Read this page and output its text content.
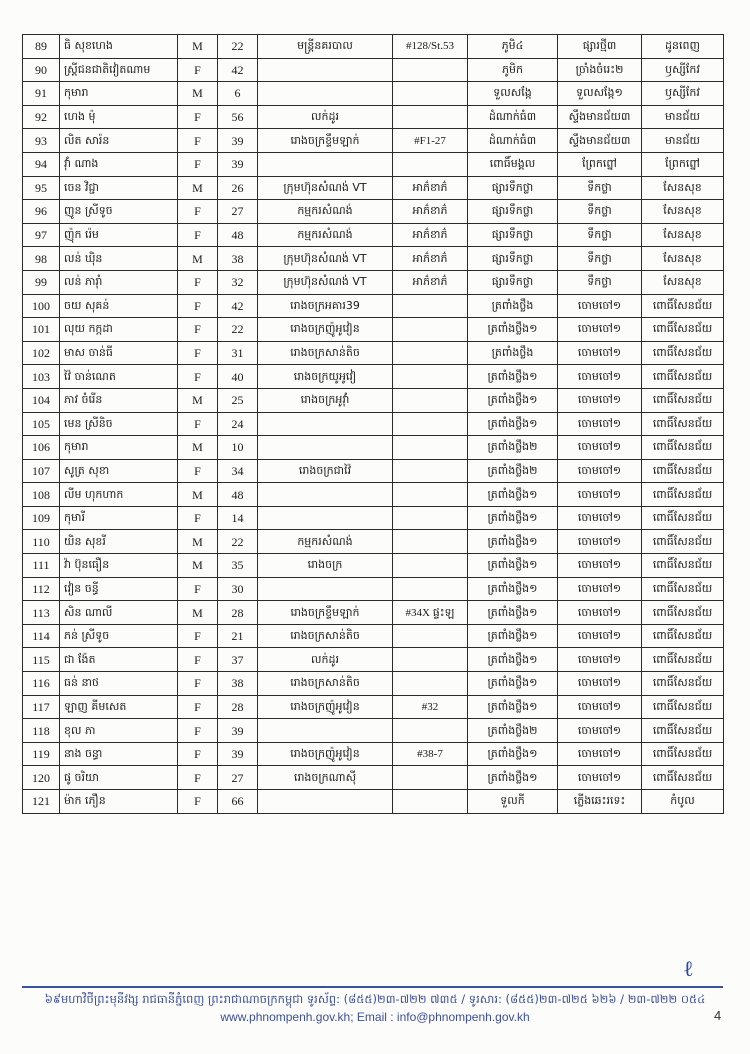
89	ធិ សុខហេង	M	22	មន្ត្រីនគរបាល	#128/St.53	ភូមិ៤	ផ្សារថ្មី៣	ដូនពេញ
90	ស្ត្រីជនជាតិវៀតណាម	F	42			ភូមិក	ច្រាំងចំរេះ២	ឫស្សីកែវ
91	កុមារា	M	6			ទួលសង្កែ	ទួលសង្កែ១	ឫស្សីកែវ
92	ហេង ម៉ុ	F	56	លក់ដូរ		ដំណាក់ធំ៣	ស្ទឹងមានជ័យ៣	មានជ័យ
93	លិត សារ៉ន	F	39	រោងចក្រខ្ទឹមឡាក់	#F1-27	ដំណាក់ធំ៣	ស្ទឹងមានជ័យ៣	មានជ័យ
94	វ៉ាំ ណាង	F	39			ពោធិ៍មង្គល	ព្រែកព្នៅ	ព្រែកព្នៅ
95	ចេន វិជ្ជា	M	26	ក្រុមហ៊ុនសំណង់ VT	អាភ៌ខាភ៌	ផ្សារទឹកថ្លា	ទឹកថ្លា	សែនសុខ
96	ញូន ស្រីទូច	F	27	កម្មករសំណង់	អាភ៌ខាភ៌	ផ្សារទឹកថ្លា	ទឹកថ្លា	សែនសុខ
97	ញ៉ុក រ៉េម	F	48	កម្មករសំណង់	អាភ៌ខាភ៌	ផ្សារទឹកថ្លា	ទឹកថ្លា	សែនសុខ
98	លន់ ឃុិន	M	38	ក្រុមហ៊ុនសំណង់ VT	អាភ៌ខាភ៌	ផ្សារទឹកថ្លា	ទឹកថ្លា	សែនសុខ
99	លន់ ភារ៉ាំ	F	32	ក្រុមហ៊ុនសំណង់ VT	អាភ៌ខាភ៌	ផ្សារទឹកថ្លា	ទឹកថ្លា	សែនសុខ
100	ចយ សុគន់	F	42	រោងចក្រអគារ39		ត្រពាំងថ្លឹង	ចោមចៅ១	ពោធិ៍សែនជ័យ
101	លុយ កក្កដា	F	22	រោងចក្រញ៉ូអូវៀន		ត្រពាំងថ្លឹង១	ចោមចៅ១	ពោធិ៍សែនជ័យ
102	មាស ចាន់ធី	F	31	រោងចក្រសាន់តិច		ត្រពាំងថ្លឹង	ចោមចៅ១	ពោធិ៍សែនជ័យ
103	វ៉ៃ ចាន់ណេត	F	40	រោងចក្រយូអូវៀ		ត្រពាំងថ្លឹង១	ចោមចៅ១	ពោធិ៍សែនជ័យ
104	ភាវ ចំរើន	M	25	រោងចក្រអូវ៉ាំ		ត្រពាំងថ្លឹង១	ចោមចៅ១	ពោធិ៍សែនជ័យ
105	មេន ស្រីនិច	F	24			ត្រពាំងថ្លឹង១	ចោមចៅ១	ពោធិ៍សែនជ័យ
106	កុមារា	M	10			ត្រពាំងថ្លឹង២	ចោមចៅ១	ពោធិ៍សែនជ័យ
107	សូត្រ សុខា	F	34	រោងចក្រជាវ៉ៃ		ត្រពាំងថ្លឹង២	ចោមចៅ១	ពោធិ៍សែនជ័យ
108	លីម ហុកហាក	M	48			ត្រពាំងថ្លឹង១	ចោមចៅ១	ពោធិ៍សែនជ័យ
109	កុមារី	F	14			ត្រពាំងថ្លឹង១	ចោមចៅ១	ពោធិ៍សែនជ័យ
110	យិន សុខរី	M	22	កម្មករសំណង់		ត្រពាំងថ្លឹង១	ចោមចៅ១	ពោធិ៍សែនជ័យ
111	វ៉ា ប៊ុនធឿន	M	35	រោងចក្រ		ត្រពាំងថ្លឹង១	ចោមចៅ១	ពោធិ៍សែនជ័យ
112	វៀន ចន្ធី	F	30			ត្រពាំងថ្លឹង១	ចោមចៅ១	ពោធិ៍សែនជ័យ
113	សិន ណាលី	M	28	រោងចក្រខ្ទឹមឡាក់	#34X ផ្ទះឡ	ត្រពាំងថ្លឹង១	ចោមចៅ១	ពោធិ៍សែនជ័យ
114	ភន់ ស្រីទូច	F	21	រោងចក្រសាន់តិច		ត្រពាំងថ្លឹង១	ចោមចៅ១	ពោធិ៍សែនជ័យ
115	ជា ង៉ែត	F	37	លក់ដូរ		ត្រពាំងថ្លឹង១	ចោមចៅ១	ពោធិ៍សែនជ័យ
116	ធន់ នាថ	F	38	រោងចក្រសាន់តិច		ត្រពាំងថ្លឹង១	ចោមចៅ១	ពោធិ៍សែនជ័យ
117	ឡាញ គីមសេត	F	28	រោងចក្រញ៉ូអូវៀន	#32	ត្រពាំងថ្លឹង១	ចោមចៅ១	ពោធិ៍សែនជ័យ
118	ខុល ភា	F	39			ត្រពាំងថ្លឹង២	ចោមចៅ១	ពោធិ៍សែនជ័យ
119	នាង ចន្ធា	F	39	រោងចក្រញ៉ូអូវៀន	#38-7	ត្រពាំងថ្លឹង១	ចោមចៅ១	ពោធិ៍សែនជ័យ
120	ផូ ចរិយា	F	27	រោងចក្រណាស៊ី		ត្រពាំងថ្លឹង១	ចោមចៅ១	ពោធិ៍សែនជ័យ
121	ម៉ាក ភឿន	F	66			ទួលកី	ភ្លើងឆេះរទេះ	កំបូល
ℓ
៦៩មហាវិថីព្រះមុនីវង្ស រាជធានីភ្នំពេញ ព្រះរាជាណាចក្រកម្ពុជា ទូរស័ព្ទ: (៨៥៥)២៣-៧២២ ៧៣៥ / ទូរសារ: (៨៥៥)២៣-៧២៥ ៦២៦ / ២៣-៧២២ ០៥៤
www.phnompenh.gov.kh; Email : info@phnompenh.gov.kh	4
